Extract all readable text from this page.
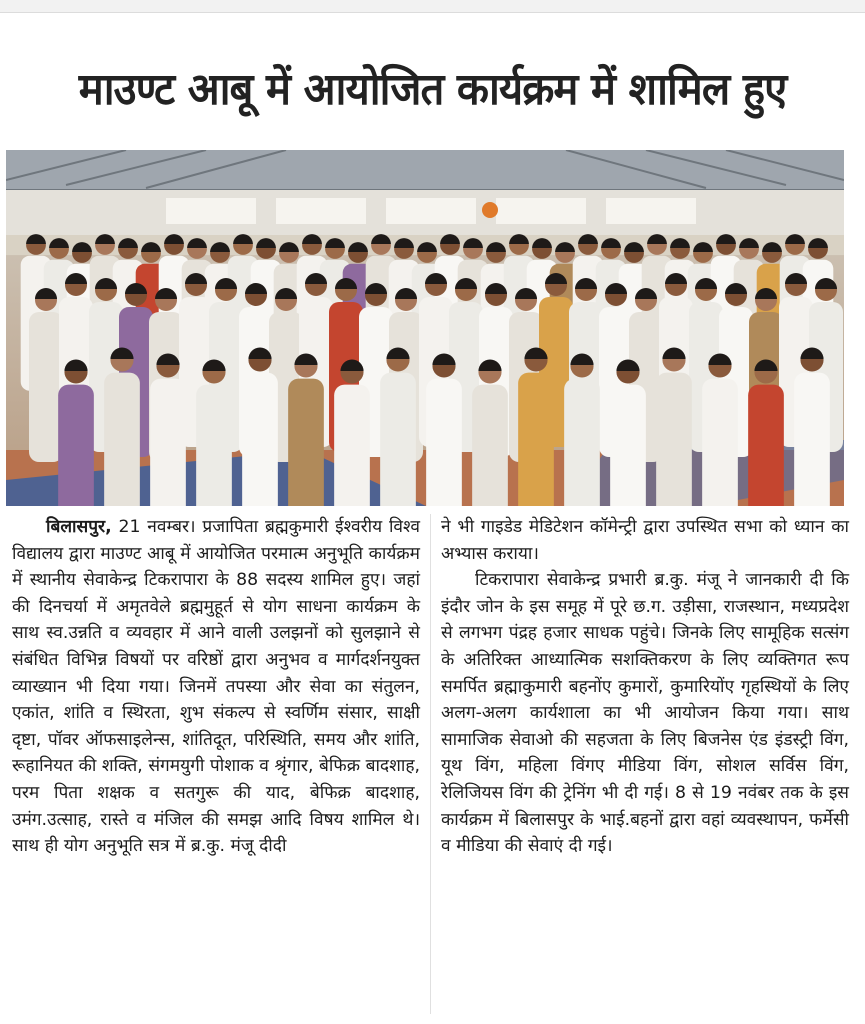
माउण्ट आबू में आयोजित कार्यक्रम में शामिल हुए

बिलासपुर, 21 नवम्बर। प्रजापिता ब्रह्मकुमारी ईश्वरीय विश्व विद्यालय द्वारा माउण्ट आबू में आयोजित परमात्म अनुभूति कार्यक्रम में स्थानीय सेवाकेन्द्र टिकरापारा के 88 सदस्य शामिल हुए। जहां की दिनचर्या में अमृतवेले ब्रह्ममुहूर्त से योग साधना कार्यक्रम के साथ स्व.उन्नति व व्यवहार में आने वाली उलझनों को सुलझाने से संबंधित विभिन्न विषयों पर वरिष्ठों द्वारा अनुभव व मार्गदर्शनयुक्त व्याख्यान भी दिया गया। जिनमें तपस्या और सेवा का संतुलन, एकांत, शांति व स्थिरता, शुभ संकल्प से स्वर्णिम संसार, साक्षी दृष्टा, पॉवर ऑफसाइलेन्स, शांतिदूत, परिस्थिति, समय और शांति, रूहानियत की शक्ति, संगमयुगी पोशाक व श्रृंगार, बेफिक्र बादशाह, परम पिता शक्षक व सतगुरू की याद, बेफिक्र बादशाह, उमंग.उत्साह, रास्ते व मंजिल की समझ आदि विषय शामिल थे। साथ ही योग अनुभूति सत्र में ब्र.कु. मंजू दीदी

ने भी गाइडेड मेडिटेशन कॉमेन्ट्री द्वारा उपस्थित सभा को ध्यान का अभ्यास कराया।

टिकरापारा सेवाकेन्द्र प्रभारी ब्र.कु. मंजू ने जानकारी दी कि इंदौर जोन के इस समूह में पूरे छ.ग. उड़ीसा, राजस्थान, मध्यप्रदेश से लगभग पंद्रह हजार साधक पहुंचे। जिनके लिए सामूहिक सत्संग के अतिरिक्त आध्यात्मिक सशक्तिकरण के लिए व्यक्तिगत रूप समर्पित ब्रह्माकुमारी बहनोंए कुमारों, कुमारियोंए गृहस्थियों के लिए अलग-अलग कार्यशाला का भी आयोजन किया गया। साथ सामाजिक सेवाओ की सहजता के लिए बिजनेस एंड इंडस्ट्री विंग, यूथ विंग, महिला विंगए मीडिया विंग, सोशल सर्विस विंग, रेलिजियस विंग की ट्रेनिंग भी दी गई। 8 से 19 नवंबर तक के इस कार्यक्रम में बिलासपुर के भाई.बहनों द्वारा वहां व्यवस्थापन, फर्मेसी व मीडिया की सेवाएं दी गई।
